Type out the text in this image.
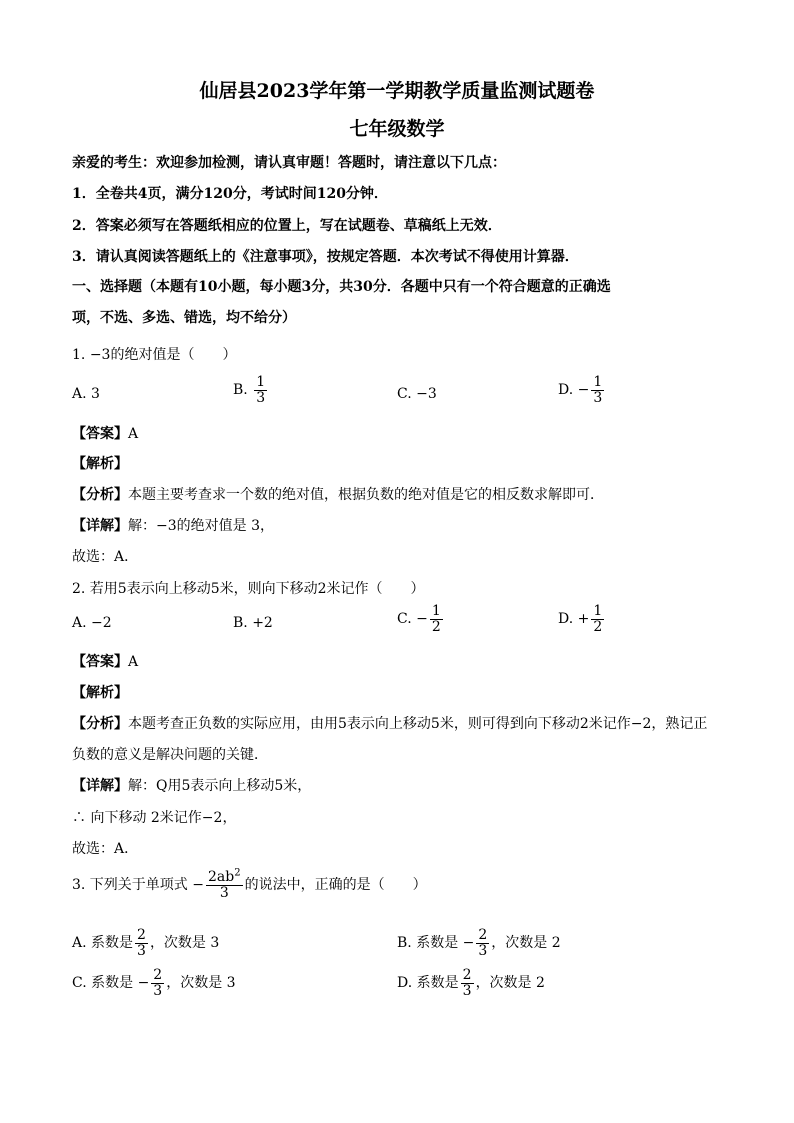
仙居县2023学年第一学期教学质量监测试题卷
七年级数学
亲爱的考生：欢迎参加检测，请认真审题！答题时，请注意以下几点：
1．全卷共4页，满分120分，考试时间120分钟．
2．答案必须写在答题纸相应的位置上，写在试题卷、草稿纸上无效．
3．请认真阅读答题纸上的《注意事项》，按规定答题．本次考试不得使用计算器．
一、选择题（本题有10小题，每小题3分，共30分．各题中只有一个符合题意的正确选
项，不选、多选、错选，均不给分）
1. −3的绝对值是（　　）
A. 3	B. $\frac{1}{3}$	C. −3	D. − $\frac{1}{3}$
【答案】A
【解析】
【分析】本题主要考查求一个数的绝对值，根据负数的绝对值是它的相反数求解即可．
【详解】解：−3的绝对值是 3，
故选：A．
2. 若用5表示向上移动5米，则向下移动2米记作（　　）
A. −2	B. +2	C. − $\frac{1}{2}$	D. + $\frac{1}{2}$
【答案】A
【解析】
【分析】本题考查正负数的实际应用，由用5表示向上移动5米，则可得到向下移动2米记作−2，熟记正
负数的意义是解决问题的关键．
【详解】解：Q用5表示向上移动5米，
∴ 向下移动 2米记作−2，
故选：A．
3. 下列关于单项式 − $\frac{2ab^2}{3}$ 的说法中，正确的是（　　）
A. 系数是 $\frac{2}{3}$ ，次数是 3	B. 系数是 − $\frac{2}{3}$ ，次数是 2
C. 系数是 − $\frac{2}{3}$ ，次数是 3	D. 系数是 $\frac{2}{3}$ ，次数是 2
